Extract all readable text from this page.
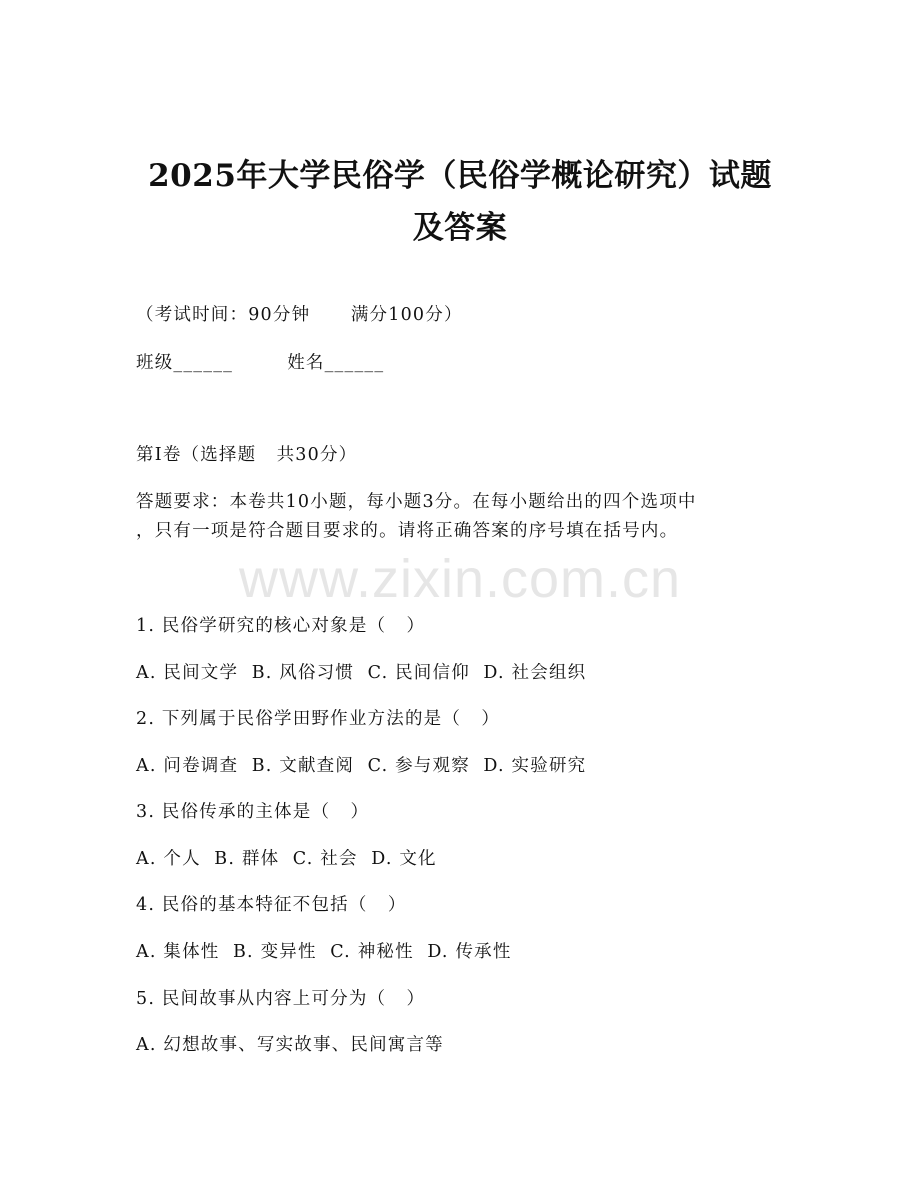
2025年大学民俗学（民俗学概论研究）试题
及答案
（考试时间：90分钟      满分100分）
班级______        姓名______
第I卷（选择题   共30分）
答题要求：本卷共10小题，每小题3分。在每小题给出的四个选项中
，只有一项是符合题目要求的。请将正确答案的序号填在括号内。
www.zixin.com.cn
1. 民俗学研究的核心对象是（   ）
A. 民间文学  B. 风俗习惯  C. 民间信仰  D. 社会组织
2. 下列属于民俗学田野作业方法的是（   ）
A. 问卷调查  B. 文献查阅  C. 参与观察  D. 实验研究
3. 民俗传承的主体是（   ）
A. 个人  B. 群体  C. 社会  D. 文化
4. 民俗的基本特征不包括（   ）
A. 集体性  B. 变异性  C. 神秘性  D. 传承性
5. 民间故事从内容上可分为（   ）
A. 幻想故事、写实故事、民间寓言等
